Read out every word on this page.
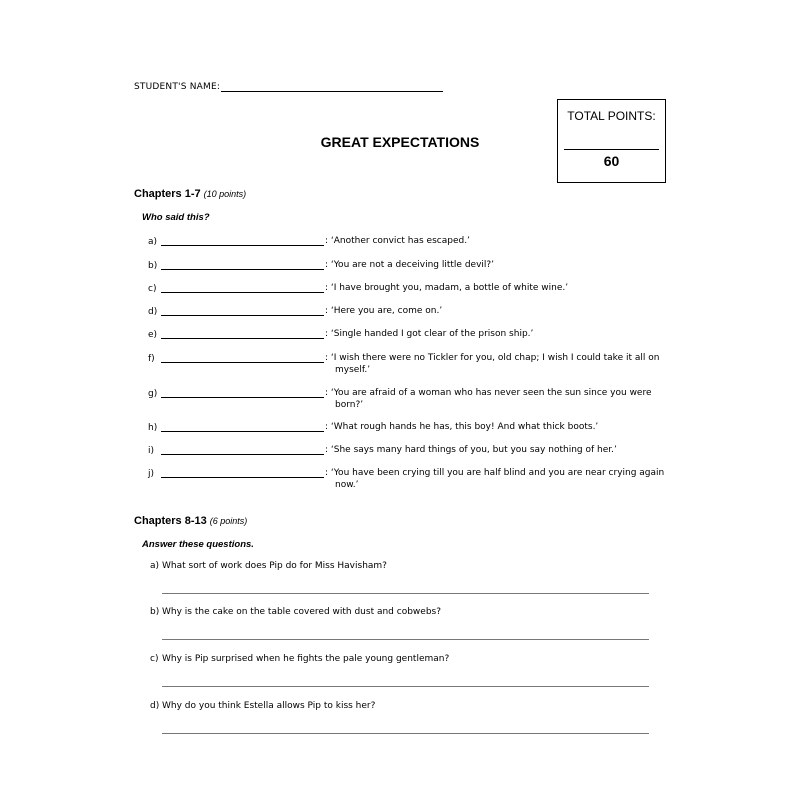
STUDENT'S NAME:
TOTAL POINTS:
60
GREAT EXPECTATIONS
Chapters 1-7 (10 points)
Who said this?
a)	: ‘Another convict has escaped.’
b)	: ‘You are not a deceiving little devil?’
c)	: ‘I have brought you, madam, a bottle of white wine.’
d)	: ‘Here you are, come on.’
e)	: ‘Single handed I got clear of the prison ship.’
f)	: ‘I wish there were no Tickler for you, old chap; I wish I could take it all on myself.’
g)	: ‘You are afraid of a woman who has never seen the sun since you were born?’
h)	: ‘What rough hands he has, this boy! And what thick boots.’
i)	: ‘She says many hard things of you, but you say nothing of her.’
j)	: ‘You have been crying till you are half blind and you are near crying again now.’
Chapters 8-13 (6 points)
Answer these questions.
a) What sort of work does Pip do for Miss Havisham?
b) Why is the cake on the table covered with dust and cobwebs?
c) Why is Pip surprised when he fights the pale young gentleman?
d) Why do you think Estella allows Pip to kiss her?
